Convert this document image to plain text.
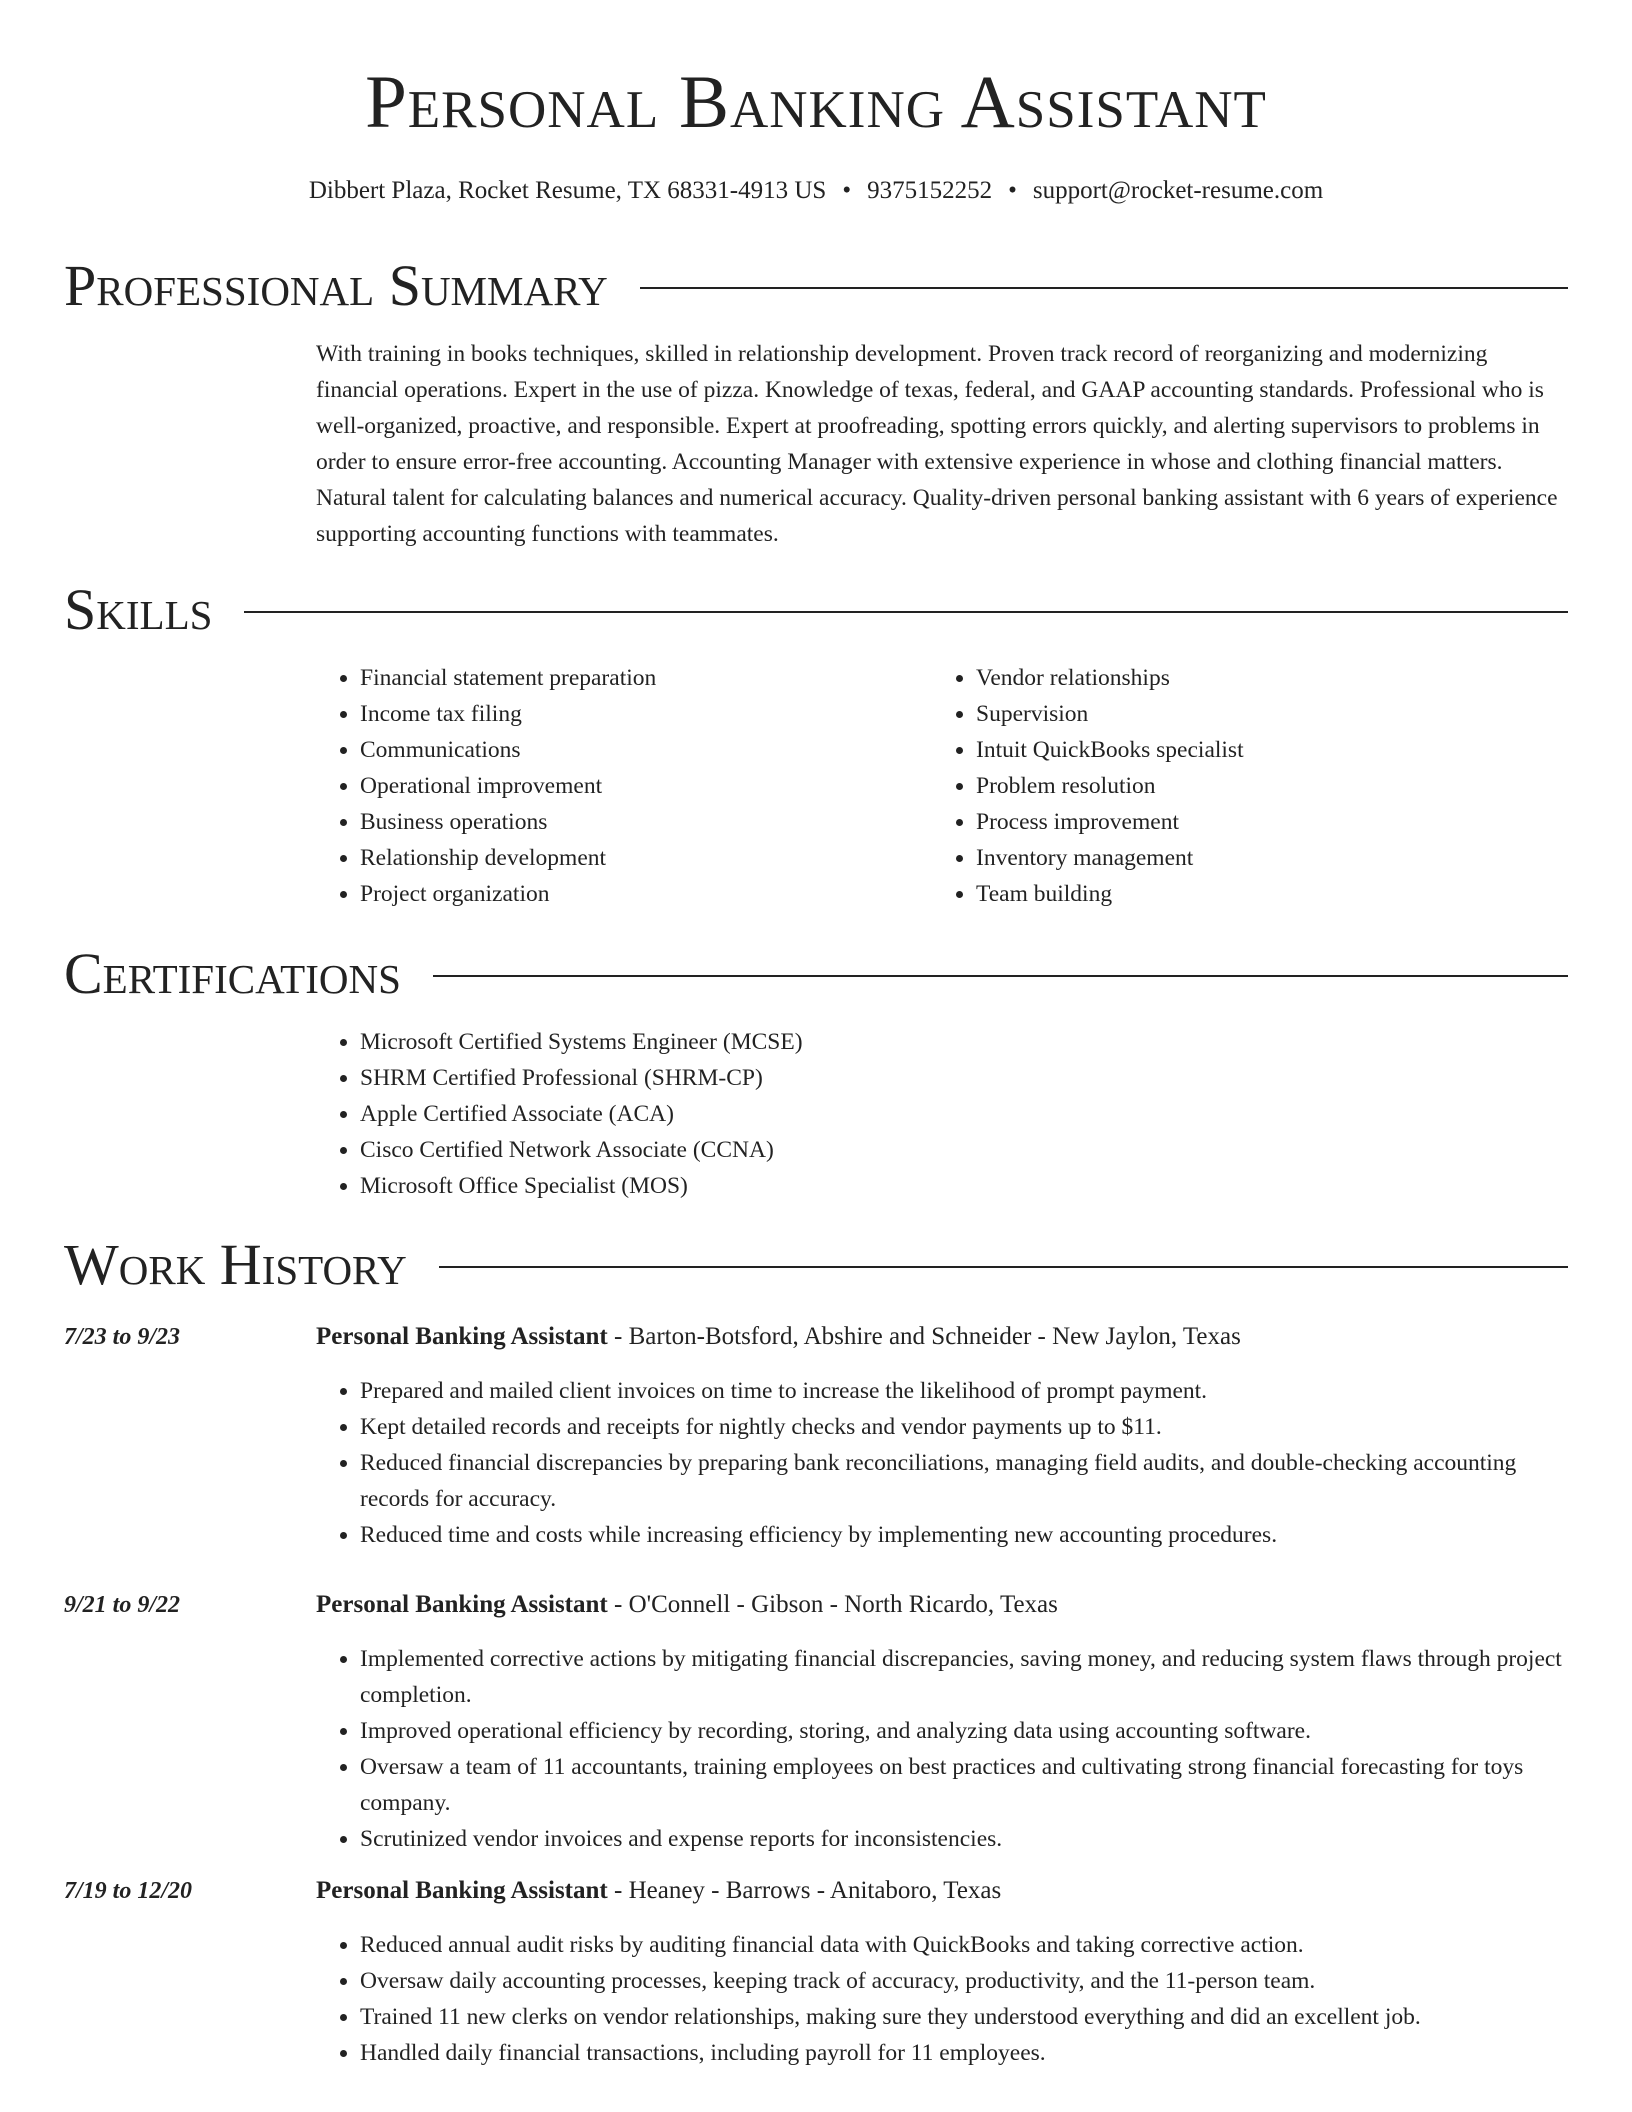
Personal Banking Assistant
Dibbert Plaza, Rocket Resume, TX 68331-4913 US • 9375152252 • support@rocket-resume.com
Professional Summary

With training in books techniques, skilled in relationship development. Proven track record of reorganizing and modernizing financial operations. Expert in the use of pizza. Knowledge of texas, federal, and GAAP accounting standards. Professional who is well-organized, proactive, and responsible. Expert at proofreading, spotting errors quickly, and alerting supervisors to problems in order to ensure error-free accounting. Accounting Manager with extensive experience in whose and clothing financial matters. Natural talent for calculating balances and numerical accuracy. Quality-driven personal banking assistant with 6 years of experience supporting accounting functions with teammates.

Skills
• Financial statement preparation
• Income tax filing
• Communications
• Operational improvement
• Business operations
• Relationship development
• Project organization
• Vendor relationships
• Supervision
• Intuit QuickBooks specialist
• Problem resolution
• Process improvement
• Inventory management
• Team building
Certifications
• Microsoft Certified Systems Engineer (MCSE)
• SHRM Certified Professional (SHRM-CP)
• Apple Certified Associate (ACA)
• Cisco Certified Network Associate (CCNA)
• Microsoft Office Specialist (MOS)
Work History
7/23 to 9/23	Personal Banking Assistant - Barton-Botsford, Abshire and Schneider - New Jaylon, Texas
• Prepared and mailed client invoices on time to increase the likelihood of prompt payment.
• Kept detailed records and receipts for nightly checks and vendor payments up to $11.
• Reduced financial discrepancies by preparing bank reconciliations, managing field audits, and double-checking accounting records for accuracy.
• Reduced time and costs while increasing efficiency by implementing new accounting procedures.
9/21 to 9/22	Personal Banking Assistant - O'Connell - Gibson - North Ricardo, Texas
• Implemented corrective actions by mitigating financial discrepancies, saving money, and reducing system flaws through project completion.
• Improved operational efficiency by recording, storing, and analyzing data using accounting software.
• Oversaw a team of 11 accountants, training employees on best practices and cultivating strong financial forecasting for toys company.
• Scrutinized vendor invoices and expense reports for inconsistencies.
7/19 to 12/20	Personal Banking Assistant - Heaney - Barrows - Anitaboro, Texas
• Reduced annual audit risks by auditing financial data with QuickBooks and taking corrective action.
• Oversaw daily accounting processes, keeping track of accuracy, productivity, and the 11-person team.
• Trained 11 new clerks on vendor relationships, making sure they understood everything and did an excellent job.
• Handled daily financial transactions, including payroll for 11 employees.
